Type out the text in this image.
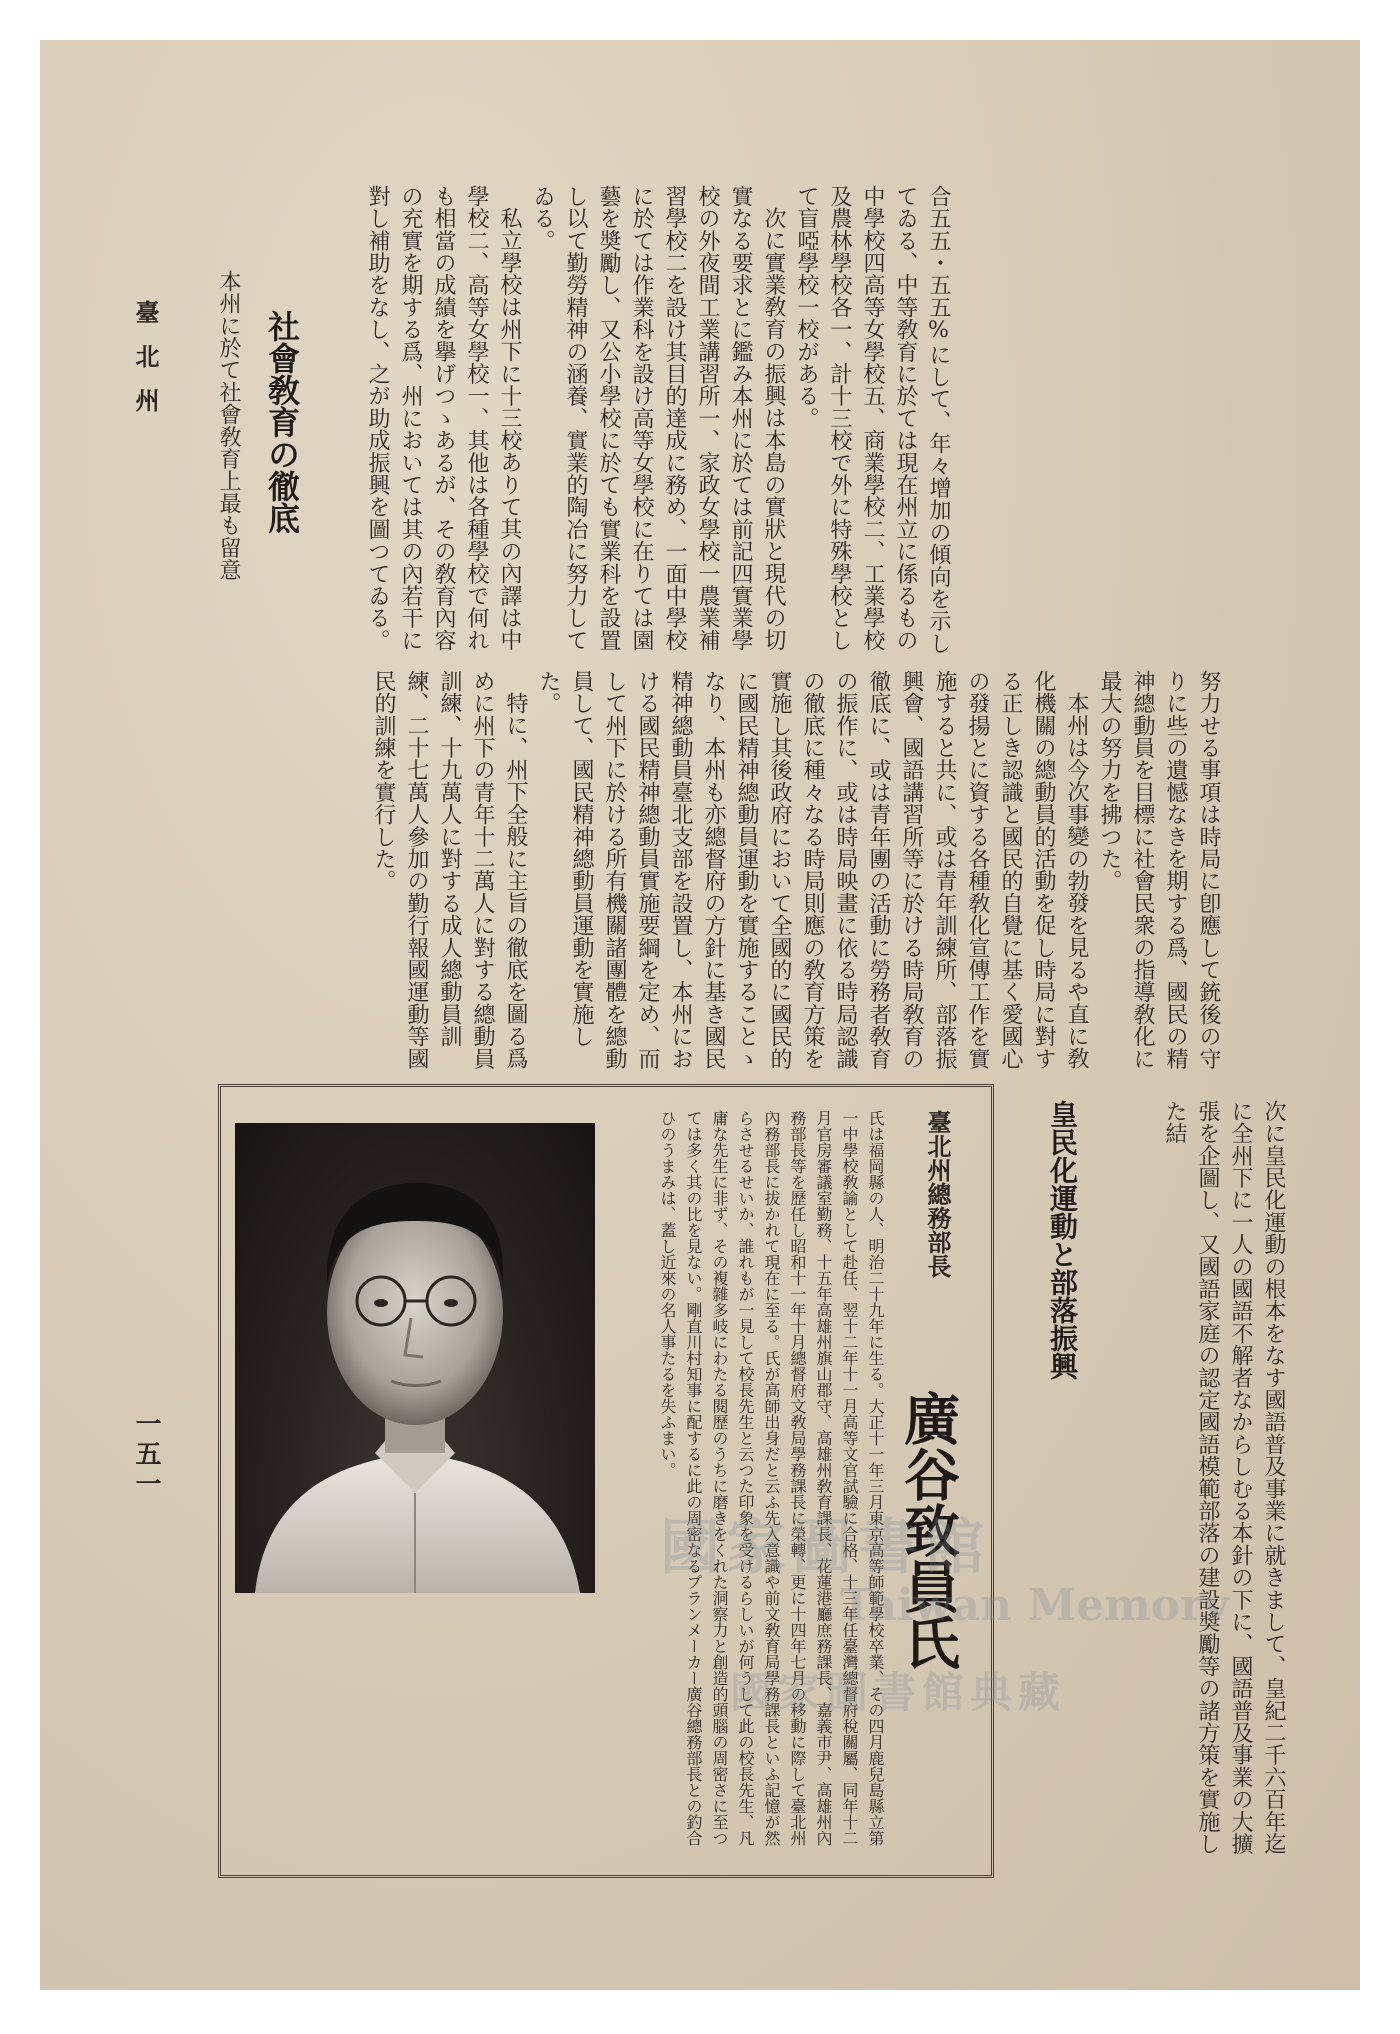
臺北州
一五一
合五五・五五%にして、年々增加の傾向を示してゐる、中等敎育に於ては現在州立に係るもの中學校四高等女學校五、商業學校二、工業學校及農林學校各一、計十三校で外に特殊學校として盲啞學校一校がある。
次に實業敎育の振興は本島の實狀と現代の切實なる要求とに鑑み本州に於ては前記四實業學校の外夜間工業講習所一、家政女學校一農業補習學校二を設け其目的達成に務め、一面中學校に於ては作業科を設け高等女學校に在りては園藝を奬勵し、又公小學校に於ても實業科を設置し以て勤勞精神の涵養、實業的陶冶に努力してゐる。
私立學校は州下に十三校ありて其の內譯は中學校二、高等女學校一、其他は各種學校で何れも相當の成績を擧げつゝあるが、その敎育內容の充實を期する爲、州においては其の內若干に對し補助をなし、之が助成振興を圖つてゐる。
社會敎育の徹底
本州に於て社會敎育上最も留意
努力せる事項は時局に卽應して銃後の守りに些の遺憾なきを期する爲、國民の精神總動員を目標に社會民衆の指導敎化に最大の努力を拂つた。
本州は今次事變の勃發を見るや直に敎化機關の總動員的活動を促し時局に對する正しき認識と國民的自覺に基く愛國心の發揚とに資する各種敎化宣傳工作を實施すると共に、或は青年訓練所、部落振興會、國語講習所等に於ける時局敎育の徹底に、或は青年團の活動に勞務者敎育の振作に、或は時局映畫に依る時局認識の徹底に種々なる時局則應の敎育方策を實施し其後政府において全國的に國民的に國民精神總動員運動を實施することゝなり、本州も亦總督府の方針に基き國民精神總動員臺北支部を設置し、本州における國民精神總動員實施要綱を定め、而して州下に於ける所有機關諸團體を總動員して、國民精神總動員運動を實施した。
特に、州下全般に主旨の徹底を圖る爲めに州下の青年十二萬人に對する總動員訓練、十九萬人に對する成人總動員訓練、二十七萬人參加の勤行報國運動等國民的訓練を實行した。
皇民化運動と部落振興	次に皇民化運動の根本をなす國語普及事業に就きまして、皇紀二千六百年迄に全州下に一人の國語不解者なからしむる本針の下に、國語普及事業の大擴張を企圖し、又國語家庭の認定國語模範部落の建設奬勵等の諸方策を實施した結
臺北州總務部長
廣谷致員氏
氏は福岡縣の人、明治二十九年に生る。大正十一年三月東京高等師範學校卒業、その四月鹿兒島縣立第一中學校敎諭として赴任、翌十二年十一月高等文官試驗に合格、十三年任臺灣總督府稅關屬、同年十二月官房審議室勤務、十五年高雄州旗山郡守、高雄州敎育課長、花蓮港廳庶務課長、嘉義市尹、高雄州內務部長等を歷任し昭和十一年十月總督府文敎局學務課長に榮轉、更に十四年七月の移動に際して臺北州內務部長に拔かれて現在に至る。氏が高師出身だと云ふ先入意識や前文敎育局學務課長といふ記憶が然らさせるせいか、誰れもが一見して校長先生と云つた印象を受けるらしいが何うして此の校長先生、凡庸な先生に非ず、その複雜多岐にわたる閱歷のうちに磨きをくれた洞察力と創造的頭腦の周密さに至つては多く其の比を見ない。剛直川村知事に配するに此の周密なるプランメーカー廣谷總務部長との釣合ひのうまみは、蓋し近來の名人事たるを失ふまい。
國家圖書館
Taiwan Memory
國家圖書館典藏
